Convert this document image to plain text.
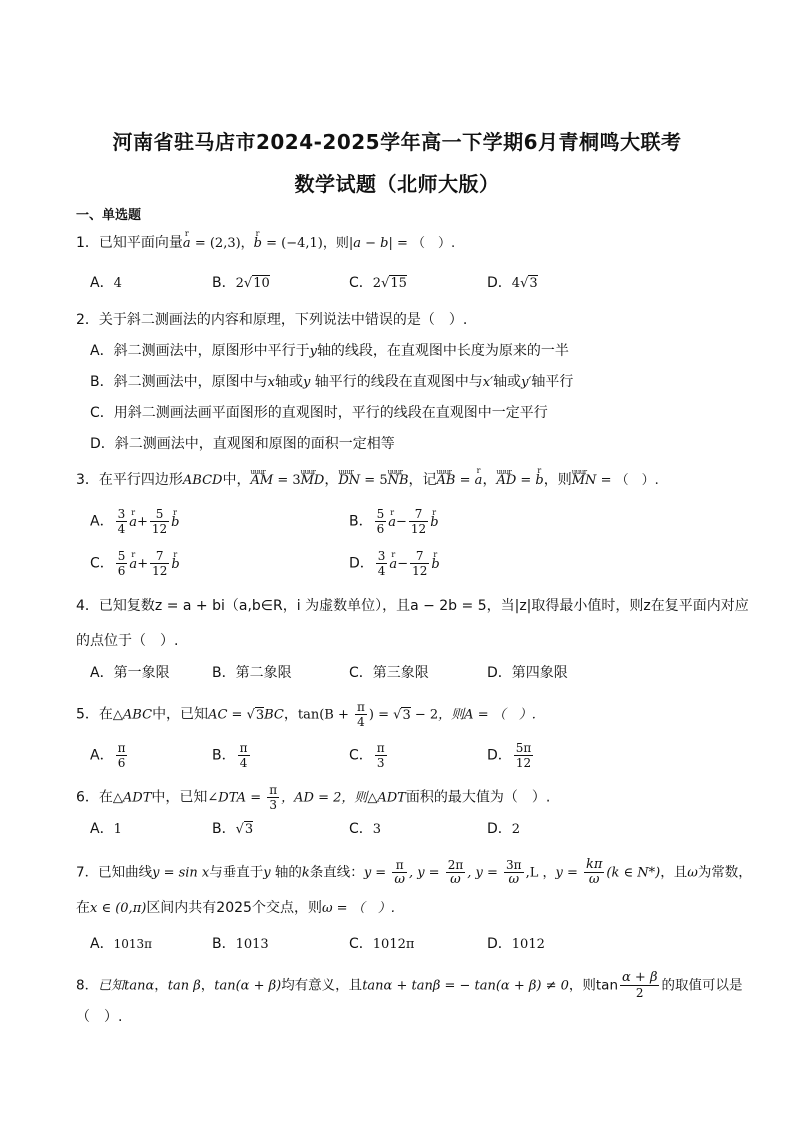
河南省驻马店市2024-2025学年高一下学期6月青桐鸣大联考
数学试题（北师大版）
一、单选题
1．已知平面向量r a = (2,3)，r b = (−4,1)，则|a − b| = （　）.
A．4	B．2√10	C．2√15	D．4√3
2．关于斜二测画法的内容和原理，下列说法中错误的是（　）.
A．斜二测画法中，原图形中平行于y轴的线段，在直观图中长度为原来的一半
B．斜二测画法中，原图中与x轴或y 轴平行的线段在直观图中与x′轴或y′轴平行
C．用斜二测画法画平面图形的直观图时，平行的线段在直观图中一定平行
D．斜二测画法中，直观图和原图的面积一定相等
3．在平行四边形ABCD中，uuur AM = 3uuur MD，uuur DN = 5uuur NB，记uuur AB = r a，uuur AD = r b，则uuur MN = （　）.
A． $\frac{3}{4}$ r $a+ \frac{5}{12}$ r b	B． $\frac{5}{6}$ r $a- \frac{7}{12}$ r b
C． $\frac{5}{6}$ r $a+ \frac{7}{12}$ r b	D． $\frac{3}{4}$ r $a- \frac{7}{12}$ r b
4．已知复数z = a + bi（a,b∈R，i 为虚数单位），且a − 2b = 5，当|z|取得最小值时，则z在复平面内对应
的点位于（　）.
A．第一象限	B．第二象限	C．第三象限	D．第四象限
5．在△ABC中，已知AC = √3BC，$\tan(B + \frac{\pi}{4}$ ) = √3 − 2，则A = （　）.
A． $\frac{\pi}{6}$	B． $\frac{\pi}{4}$	C． $\frac{\pi}{3}$	D． $\frac{5\pi}{12}$
6．在△ADT中，已知∠DTA = $\frac{\pi}{3}$ ，AD = 2，则△ADT面积的最大值为（　）.
A．1	B．√3	C．3	D．2
7．已知曲线y = sin x与垂直于y 轴的k条直线：$y = \frac{\pi}{\omega}$ , $y = \frac{2\pi}{\omega}$ , $y = \frac{3\pi}{\omega} ,L$ ，$y = \frac{k\pi}{\omega} (k$ ∈ N*)，且ω为常数，
在x ∈ (0,π)区间内共有2025个交点，则ω = （　）.
A．1013π	B．1013	C．1012π	D．1012
8．已知tanα，tan β，tan(α + β)均有意义，且tanα + tanβ = − tan(α + β) ≠ 0，则$\tan \frac{\alpha + \beta}{2}$ 的取值可以是
（　）.
